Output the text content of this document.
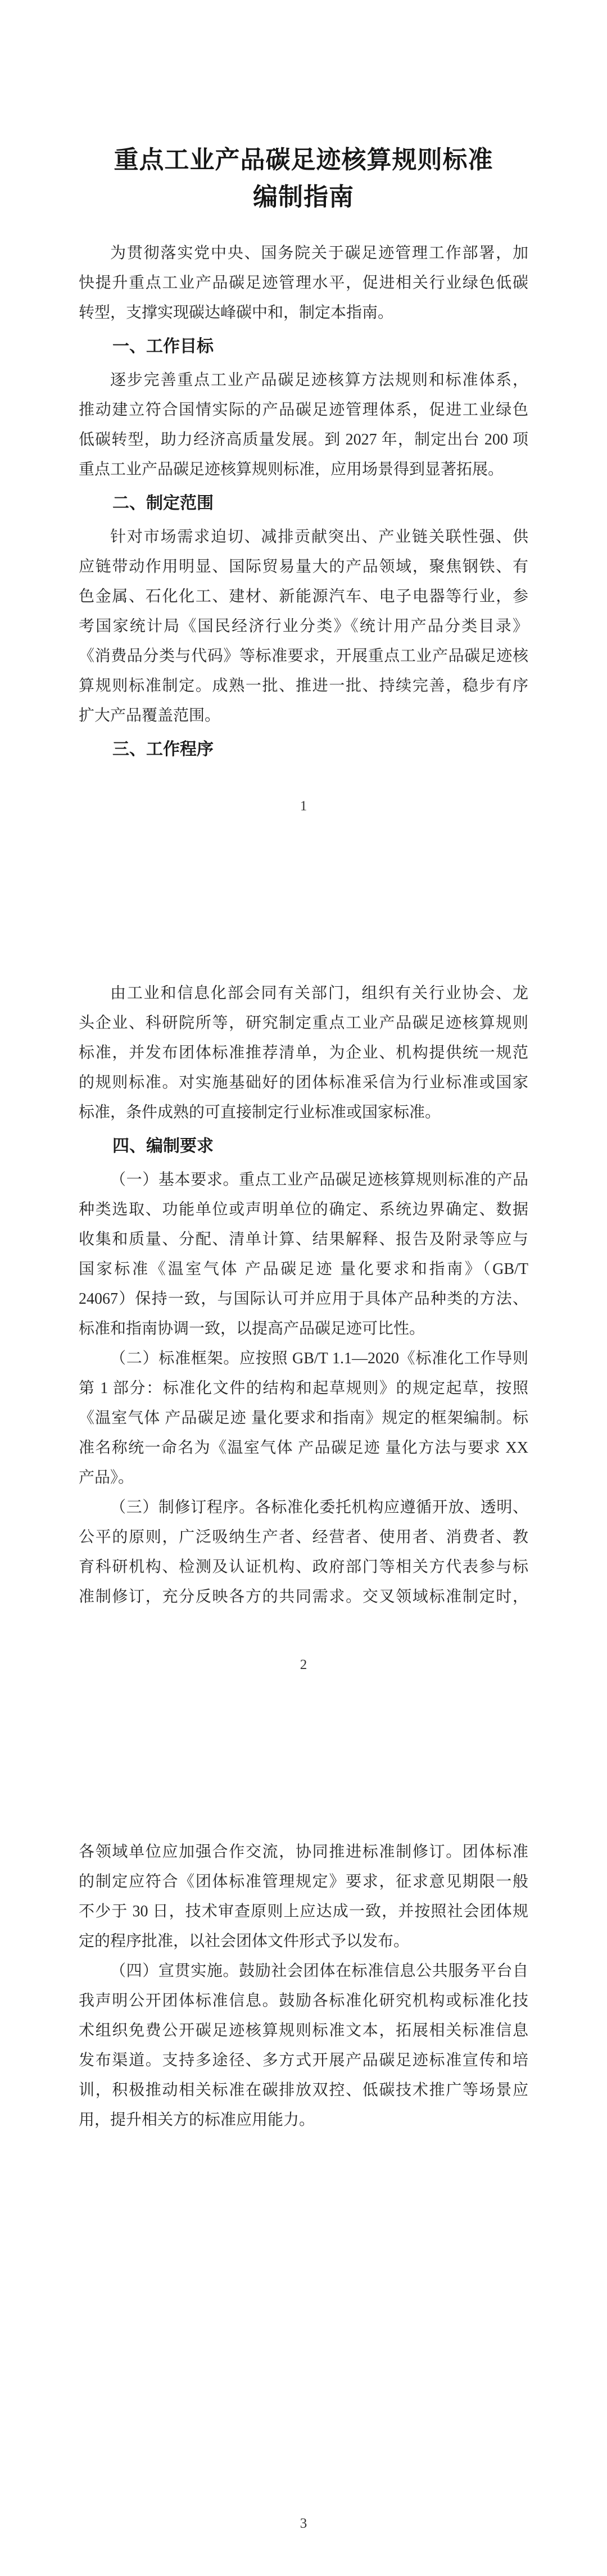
重点工业产品碳足迹核算规则标准
编制指南
为贯彻落实党中央、国务院关于碳足迹管理工作部署，加
快提升重点工业产品碳足迹管理水平，促进相关行业绿色低碳
转型，支撑实现碳达峰碳中和，制定本指南。
一、工作目标
逐步完善重点工业产品碳足迹核算方法规则和标准体系，
推动建立符合国情实际的产品碳足迹管理体系，促进工业绿色
低碳转型，助力经济高质量发展。到 2027 年，制定出台 200 项
重点工业产品碳足迹核算规则标准，应用场景得到显著拓展。
二、制定范围
针对市场需求迫切、减排贡献突出、产业链关联性强、供
应链带动作用明显、国际贸易量大的产品领域，聚焦钢铁、有
色金属、石化化工、建材、新能源汽车、电子电器等行业，参
考国家统计局《国民经济行业分类》《统计用产品分类目录》
《消费品分类与代码》等标准要求，开展重点工业产品碳足迹核
算规则标准制定。成熟一批、推进一批、持续完善，稳步有序
扩大产品覆盖范围。
三、工作程序
1
由工业和信息化部会同有关部门，组织有关行业协会、龙
头企业、科研院所等，研究制定重点工业产品碳足迹核算规则
标准，并发布团体标准推荐清单，为企业、机构提供统一规范
的规则标准。对实施基础好的团体标准采信为行业标准或国家
标准，条件成熟的可直接制定行业标准或国家标准。
四、编制要求
（一）基本要求。重点工业产品碳足迹核算规则标准的产品
种类选取、功能单位或声明单位的确定、系统边界确定、数据
收集和质量、分配、清单计算、结果解释、报告及附录等应与
国家标准《温室气体 产品碳足迹 量化要求和指南》（GB/T
24067）保持一致，与国际认可并应用于具体产品种类的方法、
标准和指南协调一致，以提高产品碳足迹可比性。
（二）标准框架。应按照 GB/T 1.1—2020《标准化工作导则
第 1 部分：标准化文件的结构和起草规则》的规定起草，按照
《温室气体 产品碳足迹 量化要求和指南》规定的框架编制。标
准名称统一命名为《温室气体 产品碳足迹 量化方法与要求 XX
产品》。
（三）制修订程序。各标准化委托机构应遵循开放、透明、
公平的原则，广泛吸纳生产者、经营者、使用者、消费者、教
育科研机构、检测及认证机构、政府部门等相关方代表参与标
准制修订，充分反映各方的共同需求。交叉领域标准制定时，
2
各领域单位应加强合作交流，协同推进标准制修订。团体标准
的制定应符合《团体标准管理规定》要求，征求意见期限一般
不少于 30 日，技术审查原则上应达成一致，并按照社会团体规
定的程序批准，以社会团体文件形式予以发布。
（四）宣贯实施。鼓励社会团体在标准信息公共服务平台自
我声明公开团体标准信息。鼓励各标准化研究机构或标准化技
术组织免费公开碳足迹核算规则标准文本，拓展相关标准信息
发布渠道。支持多途径、多方式开展产品碳足迹标准宣传和培
训，积极推动相关标准在碳排放双控、低碳技术推广等场景应
用，提升相关方的标准应用能力。
3
